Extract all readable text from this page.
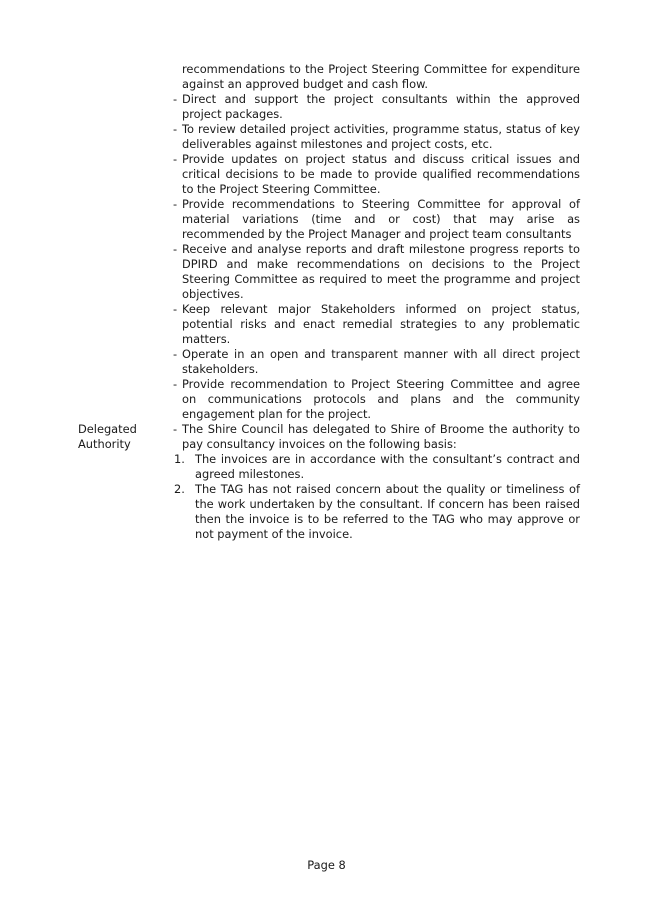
recommendations to the Project Steering Committee for expenditure against an approved budget and cash flow.

- Direct and support the project consultants within the approved project packages.
- To review detailed project activities, programme status, status of key deliverables against milestones and project costs, etc.
- Provide updates on project status and discuss critical issues and critical decisions to be made to provide qualified recommendations to the Project Steering Committee.
- Provide recommendations to Steering Committee for approval of material variations (time and or cost) that may arise as recommended by the Project Manager and project team consultants
- Receive and analyse reports and draft milestone progress reports to DPIRD and make recommendations on decisions to the Project Steering Committee as required to meet the programme and project objectives.
- Keep relevant major Stakeholders informed on project status, potential risks and enact remedial strategies to any problematic matters.
- Operate in an open and transparent manner with all direct project stakeholders.
- Provide recommendation to Project Steering Committee and agree on communications protocols and plans and the community engagement plan for the project.
Delegated
Authority
- The Shire Council has delegated to Shire of Broome the authority to pay consultancy invoices on the following basis:
1. The invoices are in accordance with the consultant’s contract and agreed milestones.
2. The TAG has not raised concern about the quality or timeliness of the work undertaken by the consultant. If concern has been raised then the invoice is to be referred to the TAG who may approve or not payment of the invoice.
Page 8
